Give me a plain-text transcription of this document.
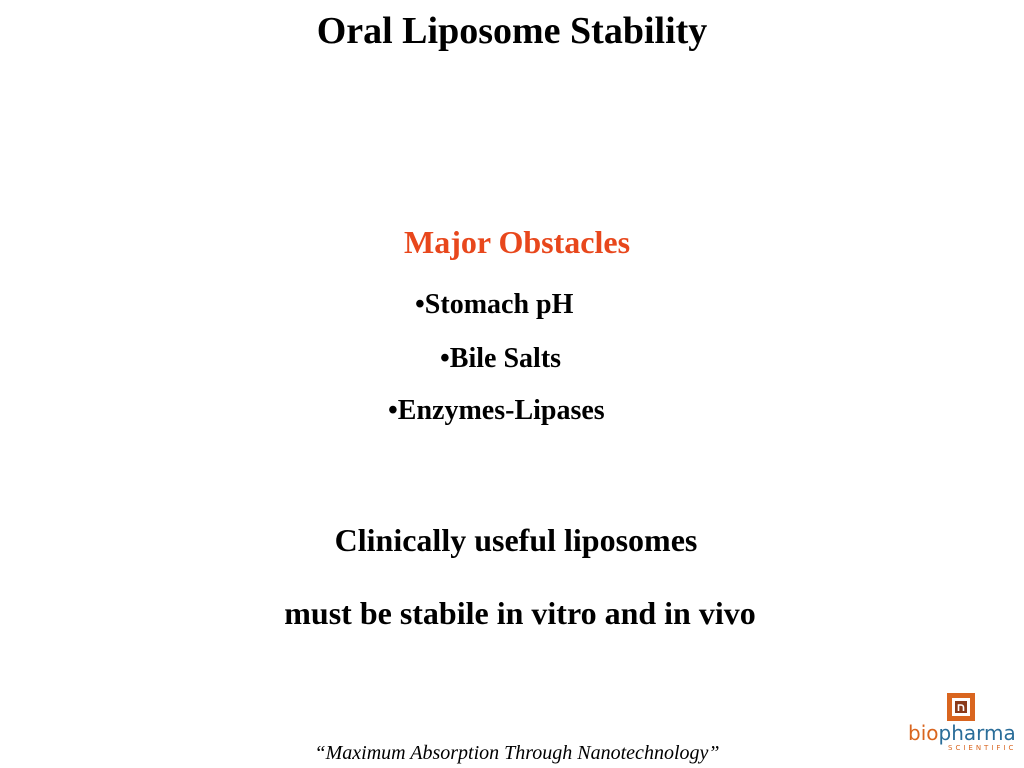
Oral Liposome Stability
Major Obstacles
•Stomach pH
•Bile Salts
•Enzymes-Lipases
Clinically useful liposomes
must be stabile in vitro and in vivo
“Maximum Absorption Through Nanotechnology”
biopharma
SCIENTIFIC
